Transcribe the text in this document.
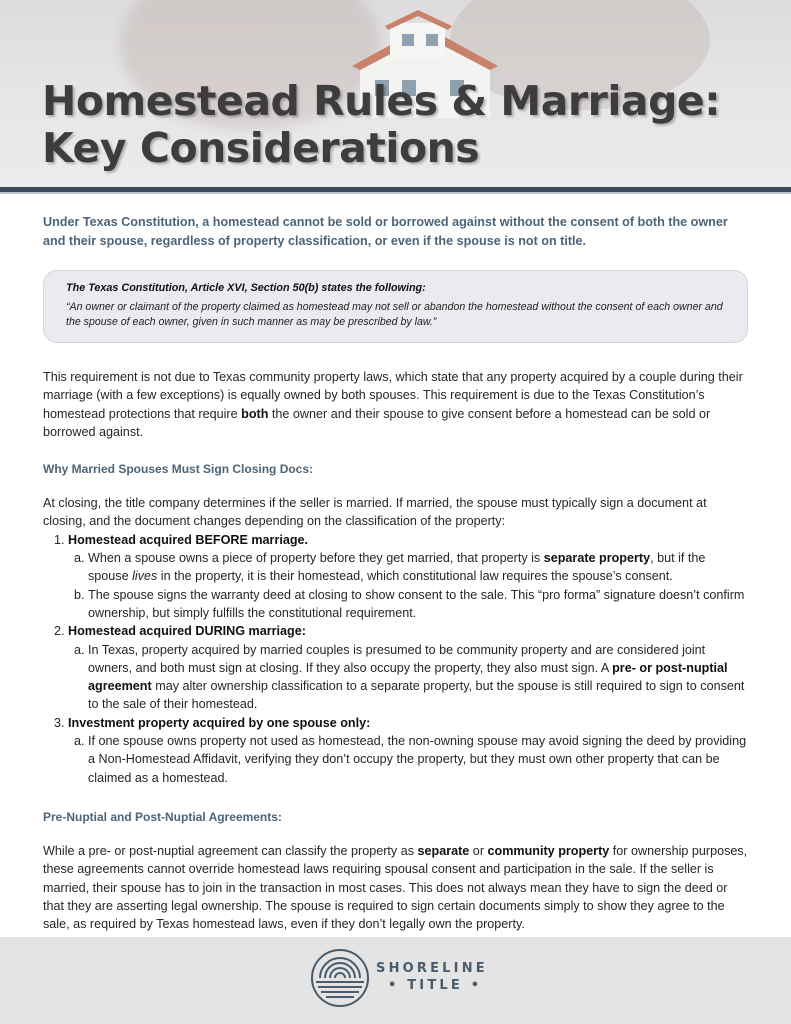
Homestead Rules & Marriage:
Key Considerations

Under Texas Constitution, a homestead cannot be sold or borrowed against without the consent of both the owner and their spouse, regardless of property classification, or even if the spouse is not on title.

The Texas Constitution, Article XVI, Section 50(b) states the following:

“An owner or claimant of the property claimed as homestead may not sell or abandon the homestead without the consent of each owner and the spouse of each owner, given in such manner as may be prescribed by law.”

This requirement is not due to Texas community property laws, which state that any property acquired by a couple during their marriage (with a few exceptions) is equally owned by both spouses. This requirement is due to the Texas Constitution’s homestead protections that require both the owner and their spouse to give consent before a homestead can be sold or borrowed against.

Why Married Spouses Must Sign Closing Docs:

At closing, the title company determines if the seller is married. If married, the spouse must typically sign a document at closing, and the document changes depending on the classification of the property:

1. Homestead acquired BEFORE marriage.
a. When a spouse owns a piece of property before they get married, that property is separate property, but if the spouse lives in the property, it is their homestead, which constitutional law requires the spouse’s consent.
b. The spouse signs the warranty deed at closing to show consent to the sale. This “pro forma” signature doesn’t confirm ownership, but simply fulfills the constitutional requirement.
2. Homestead acquired DURING marriage:
a. In Texas, property acquired by married couples is presumed to be community property and are considered joint owners, and both must sign at closing. If they also occupy the property, they also must sign. A pre- or post-nuptial agreement may alter ownership classification to a separate property, but the spouse is still required to sign to consent to the sale of their homestead.
3. Investment property acquired by one spouse only:
a. If one spouse owns property not used as homestead, the non-owning spouse may avoid signing the deed by providing a Non-Homestead Affidavit, verifying they don’t occupy the property, but they must own other property that can be claimed as a homestead.

Pre-Nuptial and Post-Nuptial Agreements:

While a pre- or post-nuptial agreement can classify the property as separate or community property for ownership purposes, these agreements cannot override homestead laws requiring spousal consent and participation in the sale. If the seller is married, their spouse has to join in the transaction in most cases. This does not always mean they have to sign the deed or that they are asserting legal ownership. The spouse is required to sign certain documents simply to show they agree to the sale, as required by Texas homestead laws, even if they don’t legally own the property.

SHORELINE
• TITLE •
